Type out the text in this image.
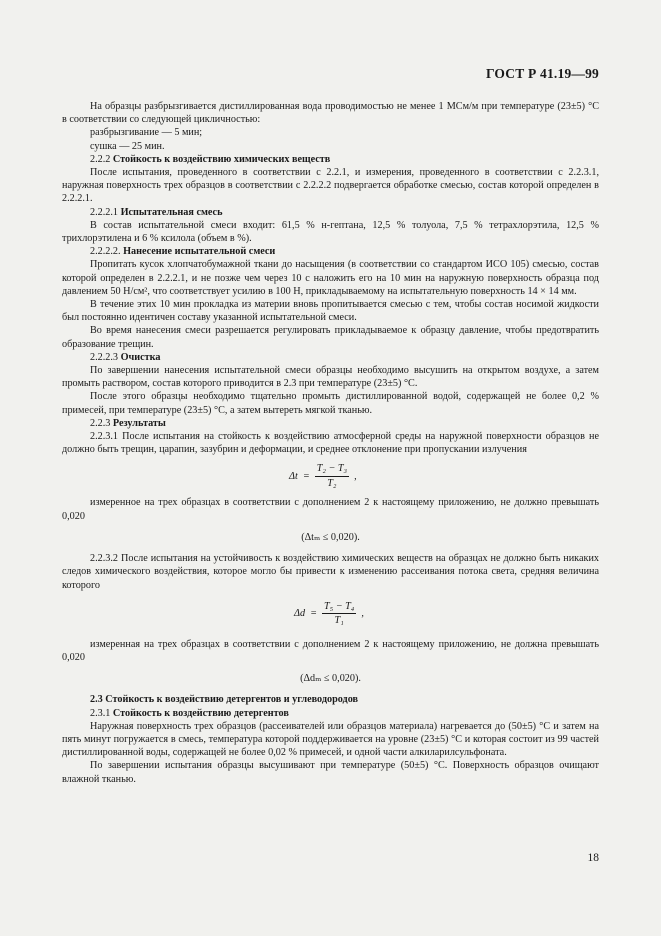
ГОСТ Р 41.19—99

На образцы разбрызгивается дистиллированная вода проводимостью не менее 1 МСм/м при температуре (23±5) °C в соответствии со следующей цикличностью:

разбрызгивание — 5 мин;

сушка — 25 мин.

2.2.2 Стойкость к воздействию химических веществ

После испытания, проведенного в соответствии с 2.2.1, и измерения, проведенного в соответствии с 2.2.3.1, наружная поверхность трех образцов в соответствии с 2.2.2.2 подвергается обработке смесью, состав которой определен в 2.2.2.1.

2.2.2.1 Испытательная смесь

В состав испытательной смеси входит: 61,5 % н-гептана, 12,5 % толуола, 7,5 % тетрахлорэтила, 12,5 % трихлорэтилена и 6 % ксилола (объем в %).

2.2.2.2. Нанесение испытательной смеси

Пропитать кусок хлопчатобумажной ткани до насыщения (в соответствии со стандартом ИСО 105) смесью, состав которой определен в 2.2.2.1, и не позже чем через 10 с наложить его на 10 мин на наружную поверхность образца под давлением 50 Н/см², что соответствует усилию в 100 Н, прикладываемому на испытательную поверхность 14 × 14 мм.

В течение этих 10 мин прокладка из материи вновь пропитывается смесью с тем, чтобы состав носимой жидкости был постоянно идентичен составу указанной испытательной смеси.

Во время нанесения смеси разрешается регулировать прикладываемое к образцу давление, чтобы предотвратить образование трещин.

2.2.2.3 Очистка

По завершении нанесения испытательной смеси образцы необходимо высушить на открытом воздухе, а затем промыть раствором, состав которого приводится в 2.3 при температуре (23±5) °C.

После этого образцы необходимо тщательно промыть дистиллированной водой, содержащей не более 0,2 % примесей, при температуре (23±5) °C, а затем вытереть мягкой тканью.

2.2.3 Результаты

2.2.3.1 После испытания на стойкость к воздействию атмосферной среды на наружной поверхности образцов не должно быть трещин, царапин, зазубрин и деформации, и среднее отклонение при пропускании излучения

$\Delta t = \frac{\text{T₂ − T₃}}{\text{T₂}}$ ,

измеренное на трех образцах в соответствии с дополнением 2 к настоящему приложению, не должно превышать 0,020

(Δtₘ ≤ 0,020).

2.2.3.2 После испытания на устойчивость к воздействию химических веществ на образцах не должно быть никаких следов химического воздействия, которое могло бы привести к изменению рассеивания потока света, средняя величина которого

$\Delta d = \frac{\text{T₅ − T₄}}{\text{T₁}}$ ,

измеренная на трех образцах в соответствии с дополнением 2 к настоящему приложению, не должна превышать 0,020

(Δdₘ ≤ 0,020).

2.3 Стойкость к воздействию детергентов и углеводородов

2.3.1 Стойкость к воздействию детергентов

Наружная поверхность трех образцов (рассеивателей или образцов материала) нагревается до (50±5) °C и затем на пять минут погружается в смесь, температура которой поддерживается на уровне (23±5) °C и которая состоит из 99 частей дистиллированной воды, содержащей не более 0,02 % примесей, и одной части алкиларилсульфоната.

По завершении испытания образцы высушивают при температуре (50±5) °C. Поверхность образцов очищают влажной тканью.

18
